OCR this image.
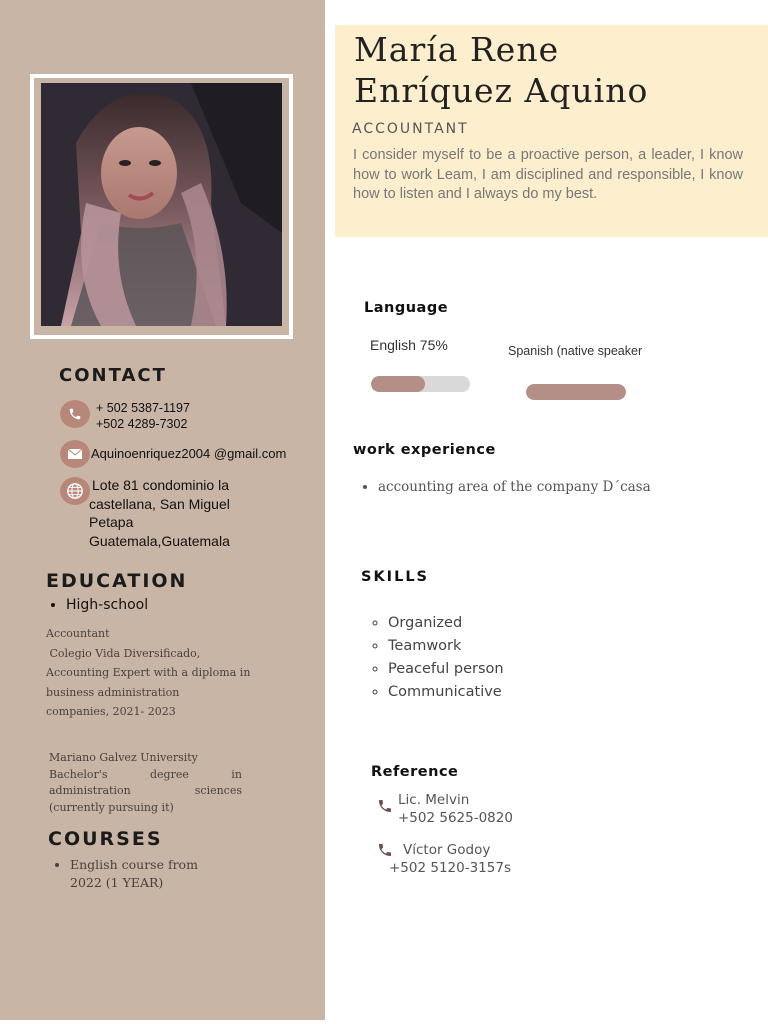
CONTACT
+ 502 5387-1197
+502 4289-7302
Aquinoenriquez2004 @gmail.com
Lote 81 condominio la
castellana, San Miguel
Petapa
Guatemala,Guatemala
EDUCATION
• High-school
Accountant
Colegio Vida Diversificado,
Accounting Expert with a diploma in
business administration
companies, 2021- 2023
Mariano Galvez University
Bachelor's	degree	in
administration	sciences
(currently pursuing it)
COURSES
• English course from
2022 (1 YEAR)
María Rene
Enríquez Aquino
ACCOUNTANT
I consider myself to be a proactive person, a leader, I know how to work Leam, I am disciplined and responsible, I know how to listen and I always do my best.
Language
English 75%	Spanish (native speaker
work experience
• accounting area of the company D´casa
SKILLS
◦ Organized
◦ Teamwork
◦ Peaceful person
◦ Communicative
Reference
Lic. Melvin
+502 5625-0820
Víctor Godoy
+502 5120-3157s
